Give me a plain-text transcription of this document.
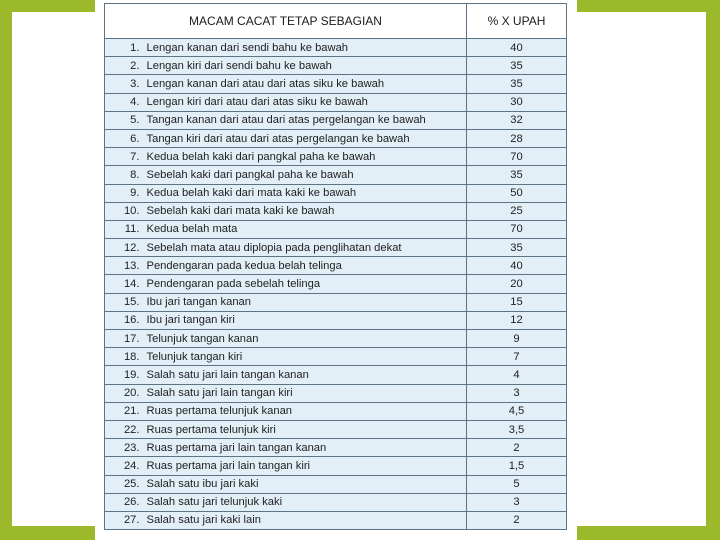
MACAM CACAT TETAP SEBAGIAN		% X UPAH
1.	Lengan kanan dari sendi bahu ke bawah	40
2.	Lengan kiri dari sendi bahu ke bawah	35
3.	Lengan kanan dari atau dari atas siku ke bawah	35
4.	Lengan kiri dari atau dari atas siku ke bawah	30
5.	Tangan kanan dari atau dari atas pergelangan ke bawah	32
6.	Tangan kiri dari atau dari atas pergelangan ke bawah	28
7.	Kedua belah kaki dari pangkal paha ke bawah	70
8.	Sebelah kaki dari pangkal paha ke bawah	35
9.	Kedua belah kaki dari mata kaki ke bawah	50
10.	Sebelah kaki dari mata kaki ke bawah	25
11.	Kedua belah mata	70
12.	Sebelah mata atau diplopia pada penglihatan dekat	35
13.	Pendengaran pada kedua belah telinga	40
14.	Pendengaran pada sebelah telinga	20
15.	Ibu jari tangan kanan	15
16.	Ibu jari tangan kiri	12
17.	Telunjuk tangan kanan	9
18.	Telunjuk tangan kiri	7
19.	Salah satu jari lain tangan kanan	4
20.	Salah satu jari lain tangan kiri	3
21.	Ruas pertama telunjuk kanan	4,5
22.	Ruas pertama telunjuk kiri	3,5
23.	Ruas pertama jari lain tangan kanan	2
24.	Ruas pertama jari lain tangan kiri	1,5
25.	Salah satu ibu jari kaki	5
26.	Salah satu jari telunjuk kaki	3
27.	Salah satu jari kaki lain	2
